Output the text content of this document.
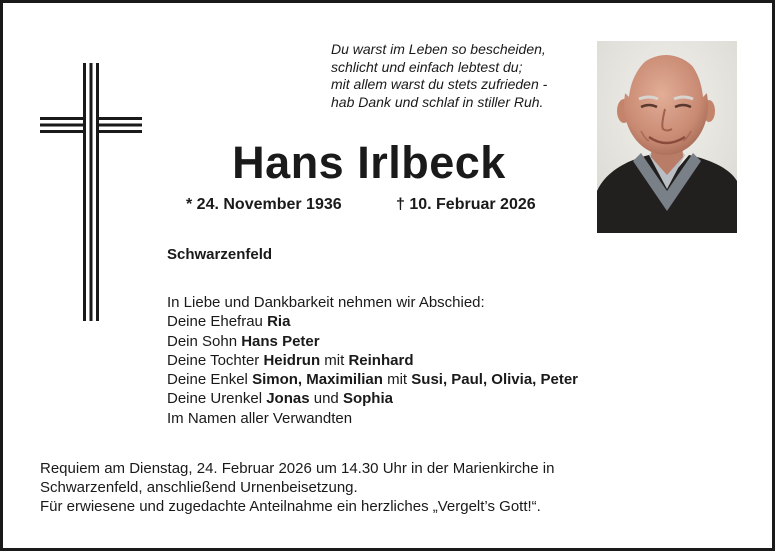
Du warst im Leben so bescheiden,
schlicht und einfach lebtest du;
mit allem warst du stets zufrieden -
hab Dank und schlaf in stiller Ruh.
Hans Irlbeck
* 24. November 1936	† 10. Februar 2026
Schwarzenfeld
In Liebe und Dankbarkeit nehmen wir Abschied:
Deine Ehefrau Ria
Dein Sohn Hans Peter
Deine Tochter Heidrun mit Reinhard
Deine Enkel Simon, Maximilian mit Susi, Paul, Olivia, Peter
Deine Urenkel Jonas und Sophia
Im Namen aller Verwandten
Requiem am Dienstag, 24. Februar 2026 um 14.30 Uhr in der Marienkirche in
Schwarzenfeld, anschließend Urnenbeisetzung.
Für erwiesene und zugedachte Anteilnahme ein herzliches „Vergelt’s Gott!“.
